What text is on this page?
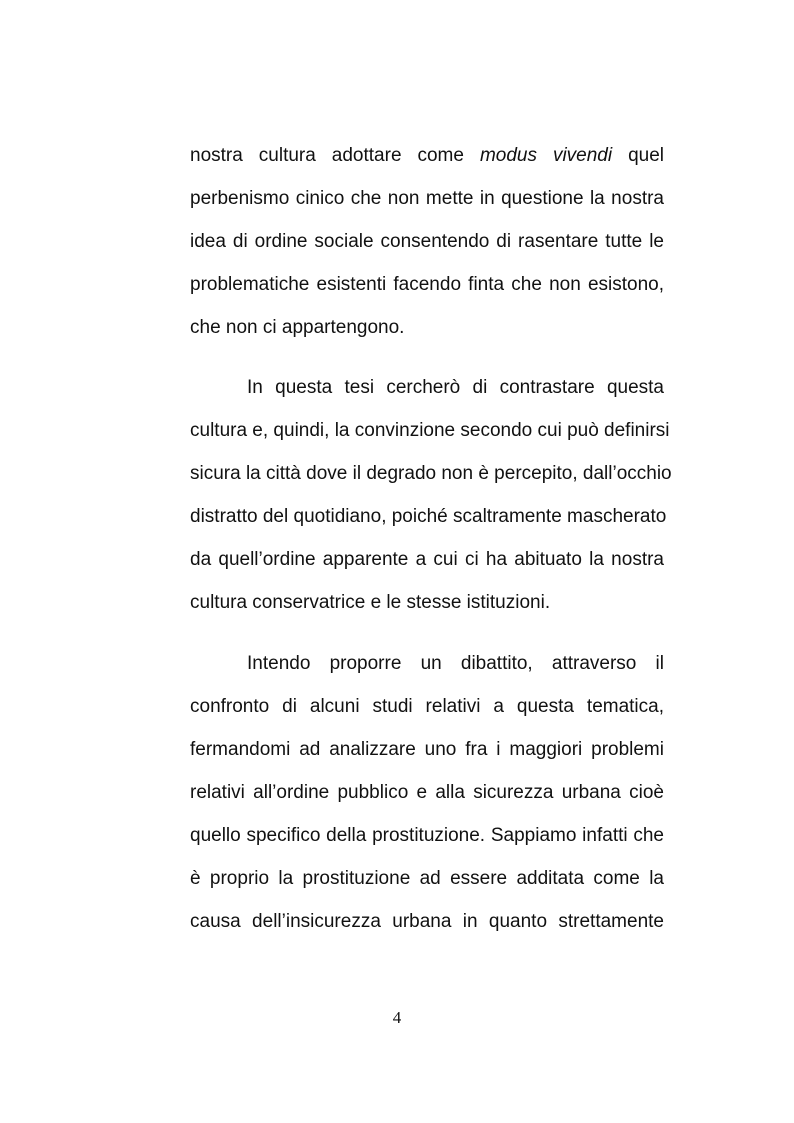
nostra cultura adottare come modus vivendi quel
perbenismo cinico che non mette in questione la nostra
idea di ordine sociale consentendo di rasentare tutte le
problematiche esistenti facendo finta che non esistono,
che non ci appartengono.
In questa tesi cercherò di contrastare questa
cultura e, quindi, la convinzione secondo cui può definirsi
sicura la città dove il degrado non è percepito, dall’occhio
distratto del quotidiano, poiché scaltramente mascherato
da quell’ordine apparente a cui ci ha abituato la nostra
cultura conservatrice e le stesse istituzioni.
Intendo proporre un dibattito, attraverso il
confronto di alcuni studi relativi a questa tematica,
fermandomi ad analizzare uno fra i maggiori problemi
relativi all’ordine pubblico e alla sicurezza urbana cioè
quello specifico della prostituzione. Sappiamo infatti che
è proprio la prostituzione ad essere additata come la
causa dell’insicurezza urbana in quanto strettamente
4
